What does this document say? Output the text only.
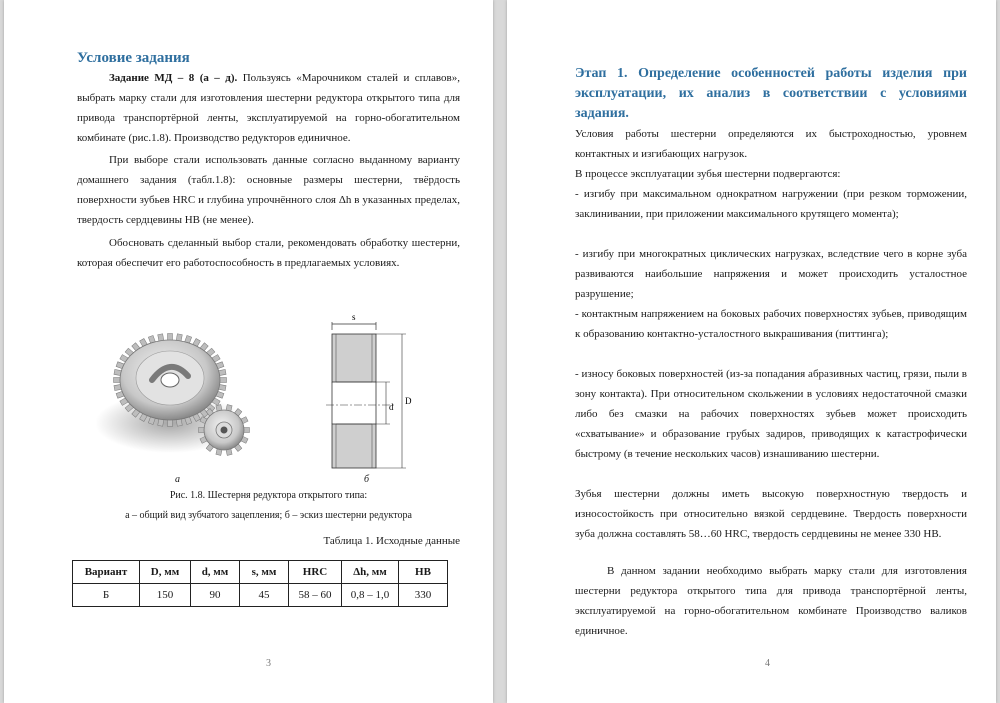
Условие задания
Задание МД – 8 (а – д). Пользуясь «Марочником сталей и сплавов», выбрать марку стали для изготовления шестерни редуктора открытого типа для привода транспортёрной ленты, эксплуатируемой на горно-обогатительном комбинате (рис.1.8). Производство редукторов единичное.
При выборе стали использовать данные согласно выданному варианту домашнего задания (табл.1.8): основные размеры шестерни, твёрдость поверхности зубьев HRC и глубина упрочнённого слоя Δh в указанных пределах, твердость сердцевины HB (не менее).
Обосновать сделанный выбор стали, рекомендовать обработку шестерни, которая обеспечит его работоспособность в предлагаемых условиях.
s
d
D
а	б
Рис. 1.8. Шестерня редуктора открытого типа:
а – общий вид зубчатого зацепления; б – эскиз шестерни редуктора
Таблица 1. Исходные данные
Вариант	D, мм	d, мм	s, мм	HRC	Δh, мм	HB
Б	150	90	45	58 – 60	0,8 – 1,0	330
3
Этап 1. Определение особенностей работы изделия при эксплуатации, их анализ в соответствии с условиями задания.
Условия работы шестерни определяются их быстроходностью, уровнем контактных и изгибающих нагрузок.
В процессе эксплуатации зубья шестерни подвергаются:
- изгибу при максимальном однократном нагружении (при резком торможении, заклинивании, при приложении максимального крутящего момента);
- изгибу при многократных циклических нагрузках, вследствие чего в корне зуба развиваются наибольшие напряжения и может происходить усталостное разрушение;
- контактным напряжением на боковых рабочих поверхностях зубьев, приводящим к образованию контактно-усталостного выкрашивания (питтинга);
- износу боковых поверхностей (из-за попадания абразивных частиц, грязи, пыли в зону контакта). При относительном скольжении в условиях недостаточной смазки либо без смазки на рабочих поверхностях зубьев может происходить «схватывание» и образование грубых задиров, приводящих к катастрофически быстрому (в течение нескольких часов) изнашиванию шестерни.
Зубья шестерни должны иметь высокую поверхностную твердость и износостойкость при относительно вязкой сердцевине. Твердость поверхности зуба должна составлять 58…60 HRC, твердость сердцевины не менее 330 HB.
В данном задании необходимо выбрать марку стали для изготовления шестерни редуктора открытого типа для привода транспортёрной ленты, эксплуатируемой на горно-обогатительном комбинате Производство валиков единичное.
4
